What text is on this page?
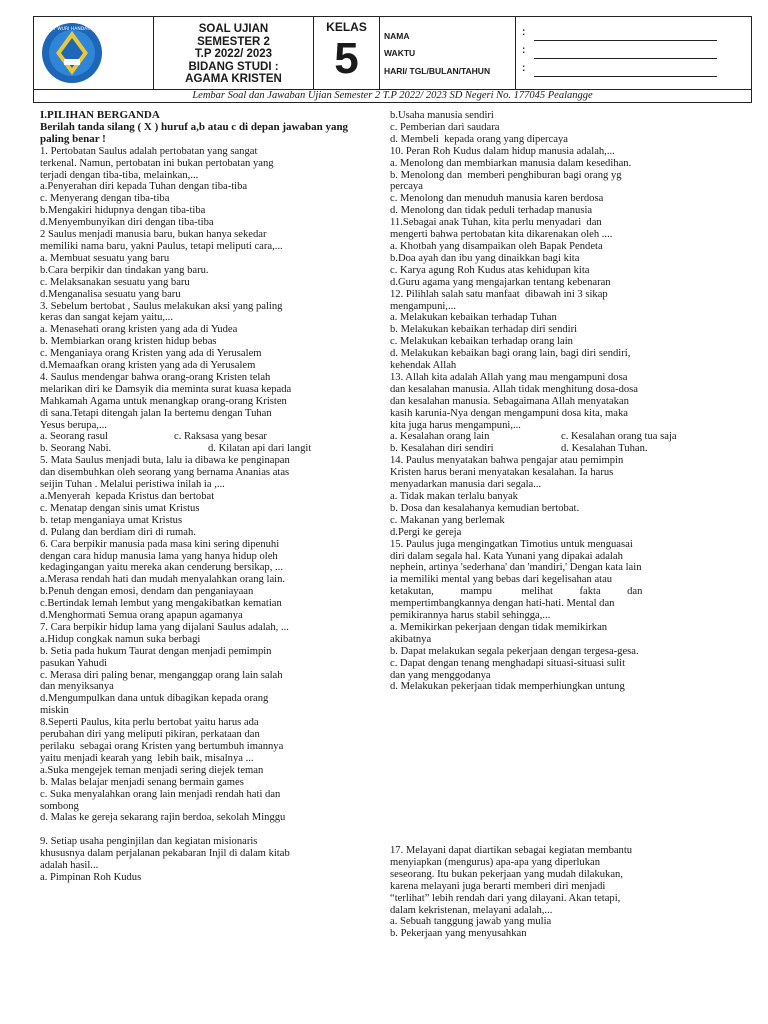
TUT WURI HANDAYANI	SOAL UJIAN
SEMESTER 2
T.P 2022/ 2023
BIDANG STUDI :
AGAMA KRISTEN
KELAS
5	NAMA
WAKTU
HARI/ TGL/BULAN/TAHUN
:
:
:
Lembar Soal dan Jawaban Ujian Semester 2 T.P 2022/ 2023 SD Negeri No. 177045 Pealangge

I.PILIHAN BERGANDA

Berilah tanda silang ( X ) huruf a,b atau c di depan jawaban yang paling benar !

1. Pertobatan Saulus adalah pertobatan yang sangat

terkenal. Namun, pertobatan ini bukan pertobatan yang

terjadi dengan tiba-tiba, melainkan,...

a.Penyerahan diri kepada Tuhan dengan tiba-tiba

c. Menyerang dengan tiba-tiba

b.Mengakiri hidupnya dengan tiba-tiba

d.Menyembunyikan diri dengan tiba-tiba

2 Saulus menjadi manusia baru, bukan hanya sekedar

memiliki nama baru, yakni Paulus, tetapi meliputi cara,...

a. Membuat sesuatu yang baru

b.Cara berpikir dan tindakan yang baru.

c. Melaksanakan sesuatu yang baru

d.Menganalisa sesuatu yang baru

3. Sebelum bertobat , Saulus melakukan aksi yang paling

keras dan sangat kejam yaitu,...

a. Menasehati orang kristen yang ada di Yudea

b. Membiarkan orang kristen hidup bebas

c. Menganiaya orang Kristen yang ada di Yerusalem

d.Memaafkan orang kristen yang ada di Yerusalem

4. Saulus mendengar bahwa orang-orang Kristen telah

melarikan diri ke Damsyik dia meminta surat kuasa kepada

Mahkamah Agama untuk menangkap orang-orang Kristen

di sana.Tetapi ditengah jalan Ia bertemu dengan Tuhan

Yesus berupa,...

a. Seorang rasul	c. Raksasa yang besar
b. Seorang Nabi.	d. Kilatan api dari langit

5. Mata Saulus menjadi buta, lalu ia dibawa ke penginapan

dan disembuhkan oleh seorang yang bernama Ananias atas

seijin Tuhan . Melalui peristiwa inilah ia ,...

a.Menyerah  kepada Kristus dan bertobat

c. Menatap dengan sinis umat Kristus

b. tetap menganiaya umat Kristus

d. Pulang dan berdiam diri di rumah.

6. Cara berpikir manusia pada masa kini sering dipenuhi

dengan cara hidup manusia lama yang hanya hidup oleh

kedagingangan yaitu mereka akan cenderung bersikap, ...

a.Merasa rendah hati dan mudah menyalahkan orang lain.

b.Penuh dengan emosi, dendam dan penganiayaan

c.Bertindak lemah lembut yang mengakibatkan kematian

d.Menghormati Semua orang apapun agamanya

7. Cara berpikir hidup lama yang dijalani Saulus adalah, ...

a.Hidup congkak namun suka berbagi

b. Setia pada hukum Taurat dengan menjadi pemimpin

pasukan Yahudi

c. Merasa diri paling benar, menganggap orang lain salah

dan menyiksanya

d.Mengumpulkan dana untuk dibagikan kepada orang

miskin

8.Seperti Paulus, kita perlu bertobat yaitu harus ada

perubahan diri yang meliputi pikiran, perkataan dan

perilaku  sebagai orang Kristen yang bertumbuh imannya

yaitu menjadi kearah yang  lebih baik, misalnya ...

a.Suka mengejek teman menjadi sering diejek teman

b. Malas belajar menjadi senang bermain games

c. Suka menyalahkan orang lain menjadi rendah hati dan

sombong

d. Malas ke gereja sekarang rajin berdoa, sekolah Minggu

9. Setiap usaha penginjilan dan kegiatan misionaris

khususnya dalam perjalanan pekabaran Injil di dalam kitab

adalah hasil...

a. Pimpinan Roh Kudus

b.Usaha manusia sendiri

c. Pemberian dari saudara

d. Membeli  kepada orang yang dipercaya

10. Peran Roh Kudus dalam hidup manusia adalah,...

a. Menolong dan membiarkan manusia dalam kesedihan.

b. Menolong dan  memberi penghiburan bagi orang yg

percaya

c. Menolong dan menuduh manusia karen berdosa

d. Menolong dan tidak peduli terhadap manusia

11.Sebagai anak Tuhan, kita perlu menyadari  dan

mengerti bahwa pertobatan kita dikarenakan oleh ....

a. Khotbah yang disampaikan oleh Bapak Pendeta

b.Doa ayah dan ibu yang dinaikkan bagi kita

c. Karya agung Roh Kudus atas kehidupan kita

d.Guru agama yang mengajarkan tentang kebenaran

12. Pilihlah salah satu manfaat  dibawah ini 3 sikap

mengampuni,...

a. Melakukan kebaikan terhadap Tuhan

b. Melakukan kebaikan terhadap diri sendiri

c. Melakukan kebaikan terhadap orang lain

d. Melakukan kebaikan bagi orang lain, bagi diri sendiri,

kehendak Allah

13. Allah kita adalah Allah yang mau mengampuni dosa

dan kesalahan manusia. Allah tidak menghitung dosa-dosa

dan kesalahan manusia. Sebagaimana Allah menyatakan

kasih karunia-Nya dengan mengampuni dosa kita, maka

kita juga harus mengampuni,...

a. Kesalahan orang lain	c. Kesalahan orang tua saja
b. Kesalahan diri sendiri	d. Kesalahan Tuhan.

14. Paulus menyatakan bahwa pengajar atau pemimpin

Kristen harus berani menyatakan kesalahan. Ia harus

menyadarkan manusia dari segala...

a. Tidak makan terlalu banyak

b. Dosa dan kesalahanya kemudian bertobat.

c. Makanan yang berlemak

d.Pergi ke gereja

15. Paulus juga mengingatkan Timotius untuk menguasai

diri dalam segala hal. Kata Yunani yang dipakai adalah

nephein, artinya 'sederhana' dan 'mandiri,' Dengan kata lain

ia memiliki mental yang bebas dari kegelisahan atau

ketakutan,          mampu           melihat          fakta          dan

mempertimbangkannya dengan hati-hati. Mental dan

pemikirannya harus stabil sehingga,...

a. Memikirkan pekerjaan dengan tidak memikirkan

akibatnya

b. Dapat melakukan segala pekerjaan dengan tergesa-gesa.

c. Dapat dengan tenang menghadapi situasi-situasi sulit

dan yang menggodanya

d. Melakukan pekerjaan tidak memperhiungkan untung

17. Melayani dapat diartikan sebagai kegiatan membantu

menyiapkan (mengurus) apa-apa yang diperlukan

seseorang. Itu bukan pekerjaan yang mudah dilakukan,

karena melayani juga berarti memberi diri menjadi

“terlihat” lebih rendah dari yang dilayani. Akan tetapi,

dalam kekristenan, melayani adalah,...

a. Sebuah tanggung jawab yang mulia

b. Pekerjaan yang menyusahkan
